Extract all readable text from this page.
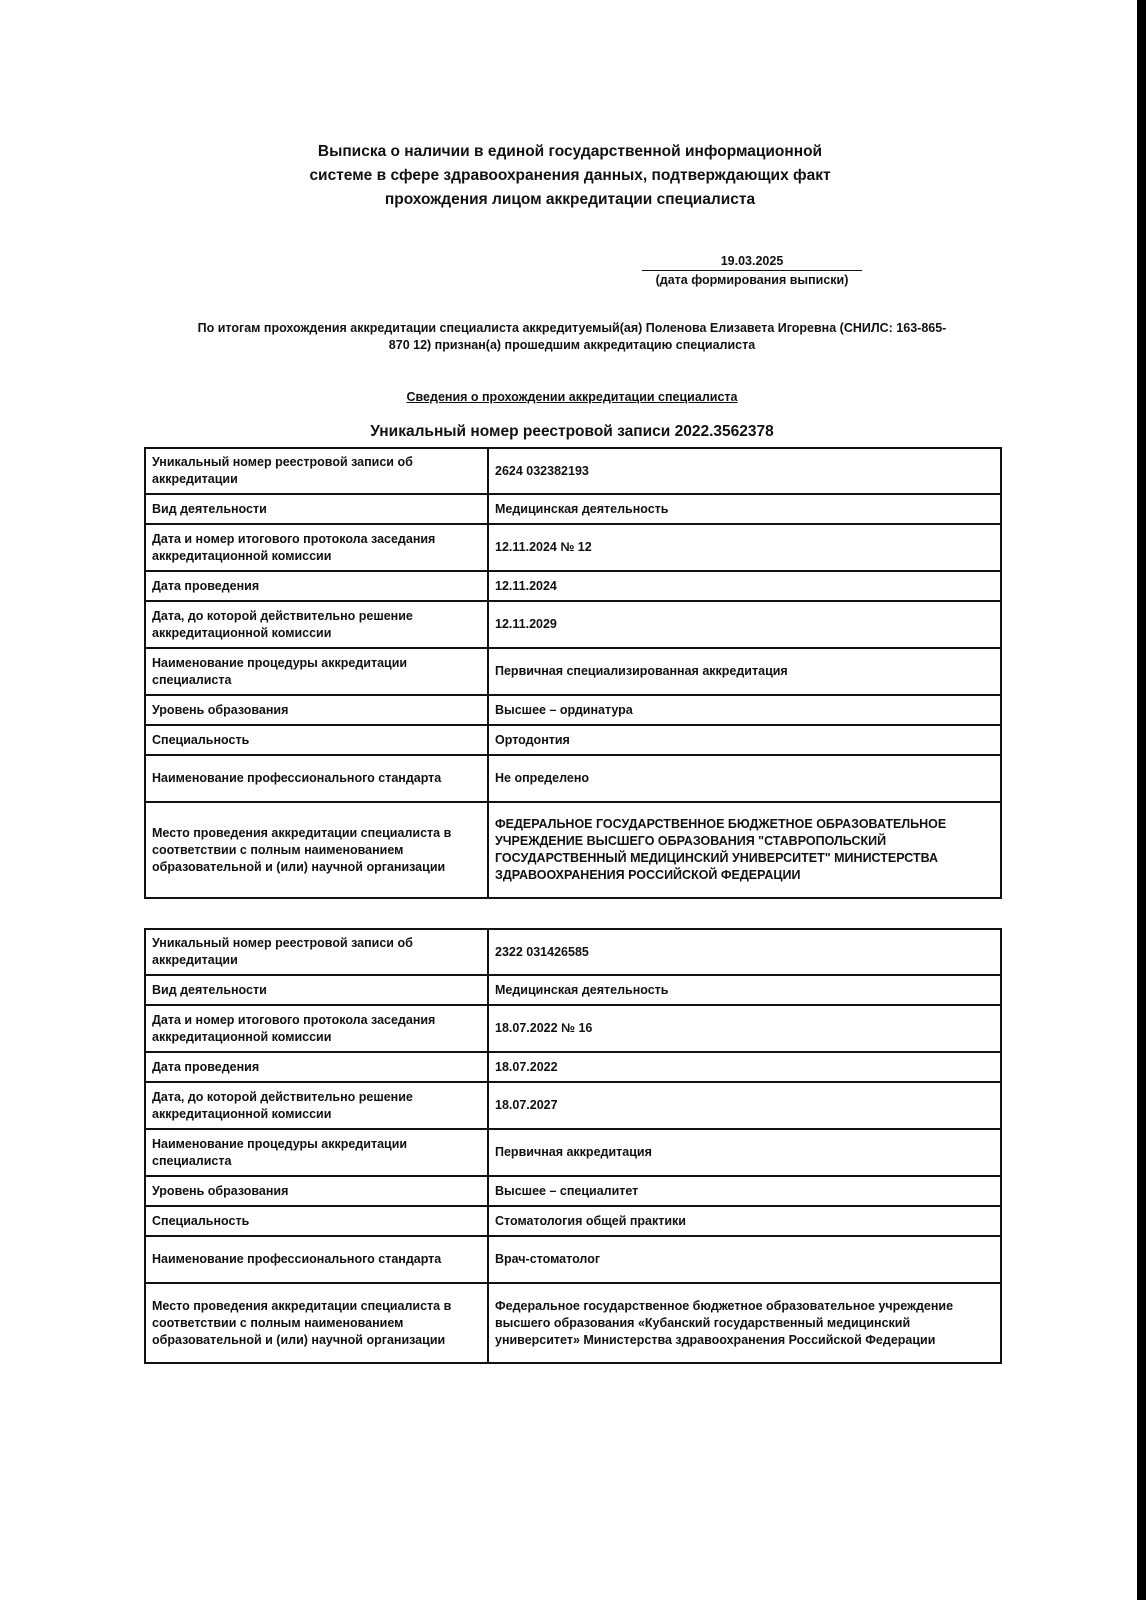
Выписка о наличии в единой государственной информационной
системе в сфере здравоохранения данных, подтверждающих факт
прохождения лицом аккредитации специалиста
19.03.2025
(дата формирования выписки)
По итогам прохождения аккредитации специалиста аккредитуемый(ая) Поленова Елизавета Игоревна (СНИЛС: 163-865-
870 12) признан(а) прошедшим аккредитацию специалиста
Сведения о прохождении аккредитации специалиста
Уникальный номер реестровой записи 2022.3562378
Уникальный номер реестровой записи об аккредитации	2624 032382193
Вид деятельности	Медицинская деятельность
Дата и номер итогового протокола заседания аккредитационной комиссии	12.11.2024 № 12
Дата проведения	12.11.2024
Дата, до которой действительно решение аккредитационной комиссии	12.11.2029
Наименование процедуры аккредитации специалиста	Первичная специализированная аккредитация
Уровень образования	Высшее – ординатура
Специальность	Ортодонтия
Наименование профессионального стандарта	Не определено
Место проведения аккредитации специалиста в соответствии с полным наименованием образовательной и (или) научной организации	ФЕДЕРАЛЬНОЕ ГОСУДАРСТВЕННОЕ БЮДЖЕТНОЕ ОБРАЗОВАТЕЛЬНОЕ УЧРЕЖДЕНИЕ ВЫСШЕГО ОБРАЗОВАНИЯ "СТАВРОПОЛЬСКИЙ ГОСУДАРСТВЕННЫЙ МЕДИЦИНСКИЙ УНИВЕРСИТЕТ" МИНИСТЕРСТВА ЗДРАВООХРАНЕНИЯ РОССИЙСКОЙ ФЕДЕРАЦИИ
Уникальный номер реестровой записи об аккредитации	2322 031426585
Вид деятельности	Медицинская деятельность
Дата и номер итогового протокола заседания аккредитационной комиссии	18.07.2022 № 16
Дата проведения	18.07.2022
Дата, до которой действительно решение аккредитационной комиссии	18.07.2027
Наименование процедуры аккредитации специалиста	Первичная аккредитация
Уровень образования	Высшее – специалитет
Специальность	Стоматология общей практики
Наименование профессионального стандарта	Врач-стоматолог
Место проведения аккредитации специалиста в соответствии с полным наименованием образовательной и (или) научной организации	Федеральное государственное бюджетное образовательное учреждение высшего образования «Кубанский государственный медицинский университет» Министерства здравоохранения Российской Федерации
